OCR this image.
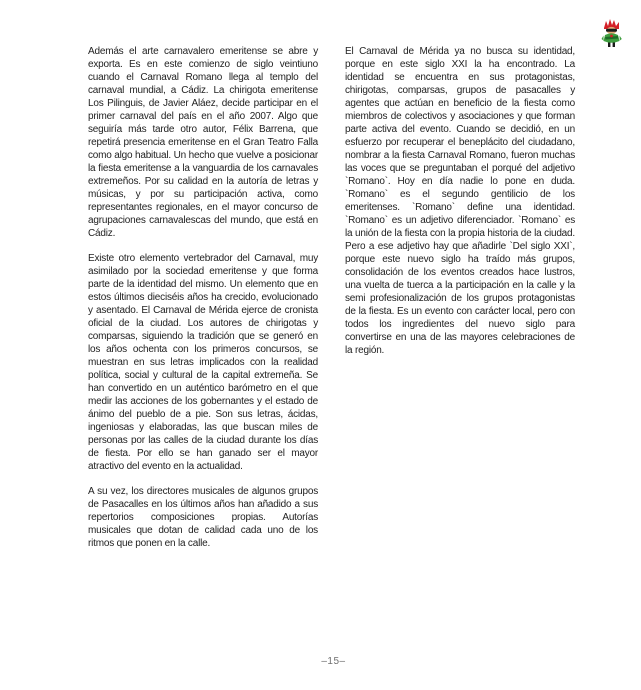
Además el arte carnavalero emeritense se abre y exporta. Es en este comienzo de siglo veintiuno cuando el Carnaval Romano llega al templo del carnaval mundial, a Cádiz. La chirigota emeritense Los Pilinguis, de Javier Aláez, decide participar en el primer carnaval del país en el año 2007. Algo que seguiría más tarde otro autor, Félix Barrena, que repetirá presencia emeritense en el Gran Teatro Falla como algo habitual. Un hecho que vuelve a posicionar la fiesta emeritense a la vanguardia de los carnavales extremeños. Por su calidad en la autoría de letras y músicas, y por su participación activa, como representantes regionales, en el mayor concurso de agrupaciones carnavalescas del mundo, que está en Cádiz.

Existe otro elemento vertebrador del Carnaval, muy asimilado por la sociedad emeritense y que forma parte de la identidad del mismo. Un elemento que en estos últimos dieciséis años ha crecido, evolucionado y asentado. El Carnaval de Mérida ejerce de cronista oficial de la ciudad. Los autores de chirigotas y comparsas, siguiendo la tradición que se generó en los años ochenta con los primeros concursos, se muestran en sus letras implicados con la realidad política, social y cultural de la capital extremeña. Se han convertido en un auténtico barómetro en el que medir las acciones de los gobernantes y el estado de ánimo del pueblo de a pie. Son sus letras, ácidas, ingeniosas y elaboradas, las que buscan miles de personas por las calles de la ciudad durante los días de fiesta. Por ello se han ganado ser el mayor atractivo del evento en la actualidad.

A su vez, los directores musicales de algunos grupos de Pasacalles en los últimos años han añadido a sus repertorios composiciones propias. Autorías musicales que dotan de calidad cada uno de los ritmos que ponen en la calle.

El Carnaval de Mérida ya no busca su identidad, porque en este siglo XXI la ha encontrado. La identidad se encuentra en sus protagonistas, chirigotas, comparsas, grupos de pasacalles y agentes que actúan en beneficio de la fiesta como miembros de colectivos y asociaciones y que forman parte activa del evento. Cuando se decidió, en un esfuerzo por recuperar el beneplácito del ciudadano, nombrar a la fiesta Carnaval Romano, fueron muchas las voces que se preguntaban el porqué del adjetivo `Romano`. Hoy en día nadie lo pone en duda. `Romano` es el segundo gentilicio de los emeritenses. `Romano` define una identidad. `Romano` es un adjetivo diferenciador. `Romano` es la unión de la fiesta con la propia historia de la ciudad. Pero a ese adjetivo hay que añadirle `Del siglo XXI`, porque este nuevo siglo ha traído más grupos, consolidación de los eventos creados hace lustros, una vuelta de tuerca a la participación en la calle y la semi profesionalización de los grupos protagonistas de la fiesta. Es un evento con carácter local, pero con todos los ingredientes del nuevo siglo para convertirse en una de las mayores celebraciones de la región.

–15–
